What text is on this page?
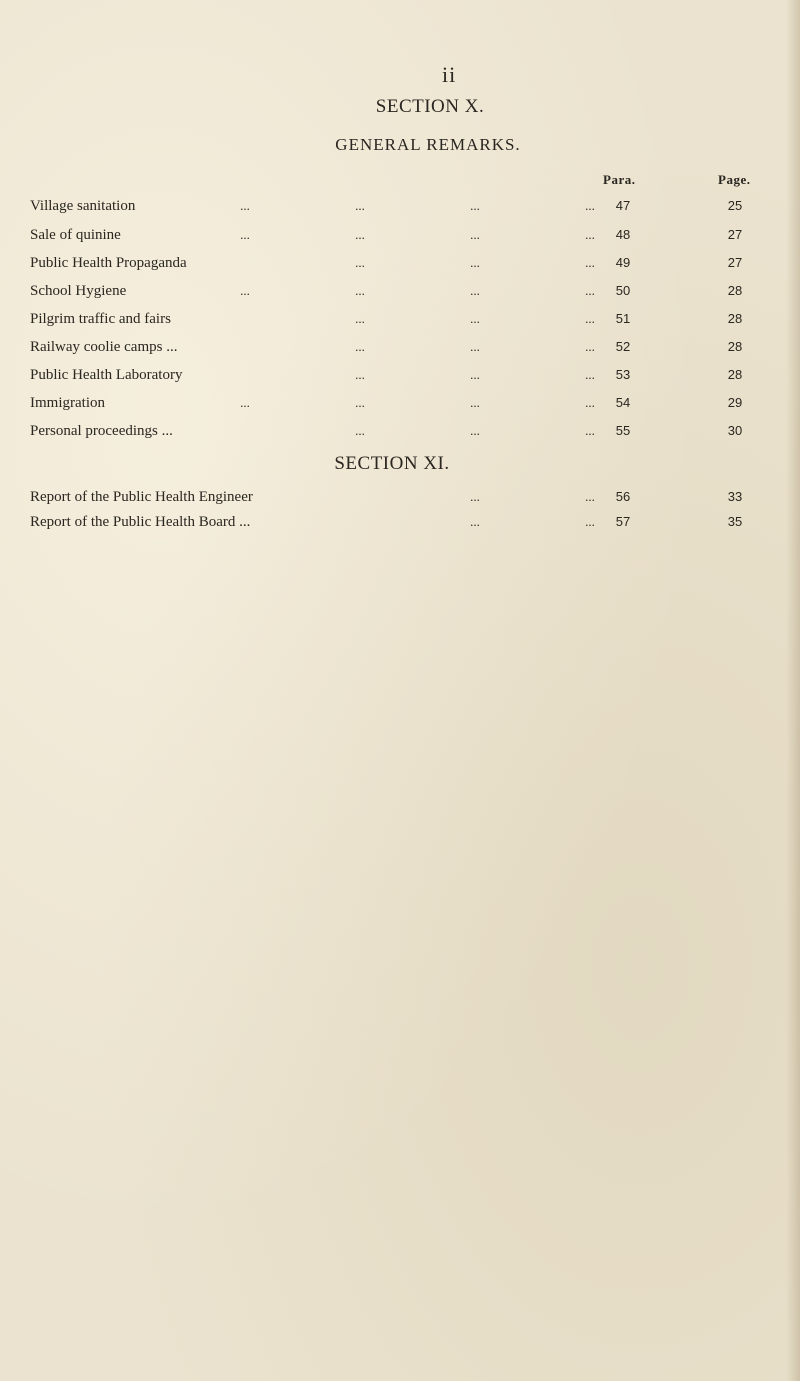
ii
SECTION X.
GENERAL REMARKS.
Para.	Page.
Village sanitation	...	...	...	...	47	25
Sale of quinine	...	...	...	...	48	27
Public Health Propaganda	...	...	...	49	27
School Hygiene	...	...	...	...	50	28
Pilgrim traffic and fairs	...	...	...	51	28
Railway coolie camps ...	...	...	...	52	28
Public Health Laboratory	...	...	...	53	28
Immigration	...	...	...	...	54	29
Personal proceedings ...	...	...	...	55	30
SECTION XI.
Report of the Public Health Engineer	...	...	56	33
Report of the Public Health Board ...	...	...	57	35
